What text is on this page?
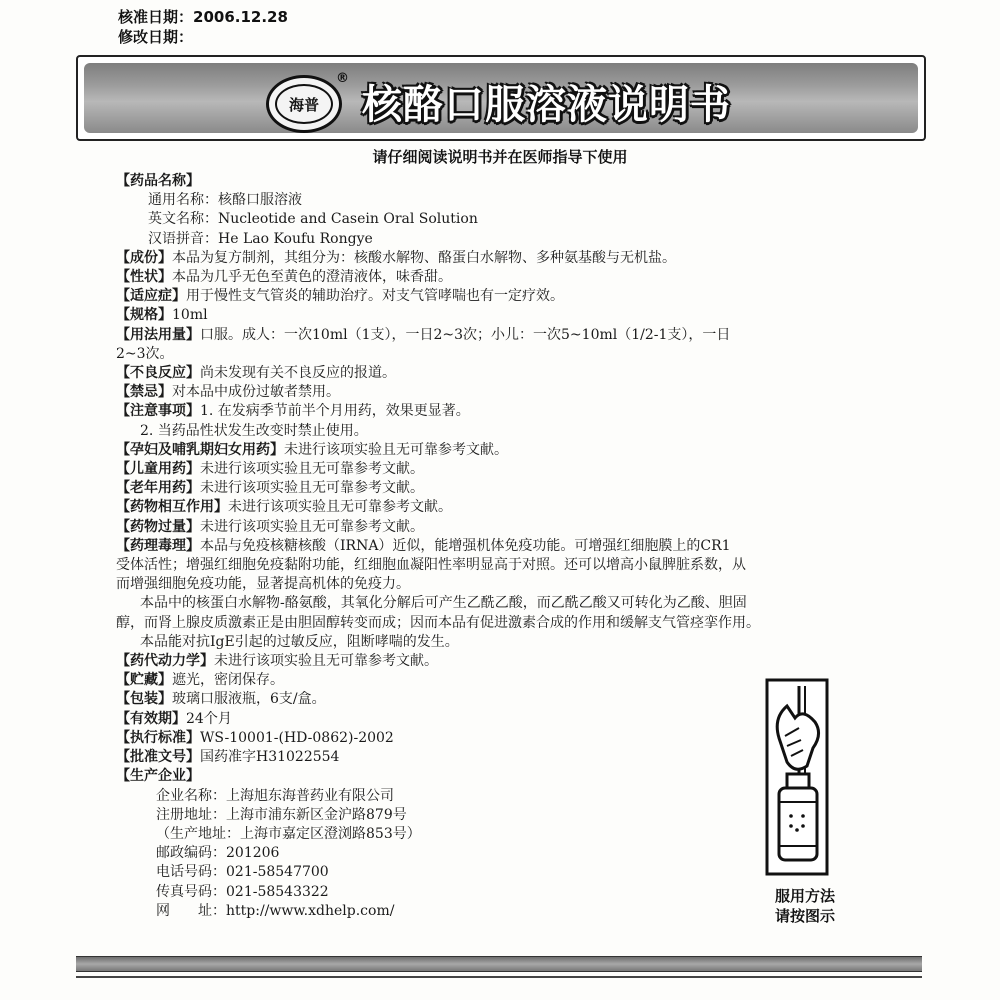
核准日期：2006.12.28
修改日期：
海普
®
核酪口服溶液说明书
请仔细阅读说明书并在医师指导下使用
【药品名称】
通用名称：核酪口服溶液
英文名称：Nucleotide and Casein Oral Solution
汉语拼音：He Lao Koufu Rongye
【成份】本品为复方制剂，其组分为：核酸水解物、酪蛋白水解物、多种氨基酸与无机盐。
【性状】本品为几乎无色至黄色的澄清液体，味香甜。
【适应症】用于慢性支气管炎的辅助治疗。对支气管哮喘也有一定疗效。
【规格】10ml
【用法用量】口服。成人：一次10ml（1支），一日2~3次；小儿：一次5~10ml（1/2-1支），一日
2~3次。
【不良反应】尚未发现有关不良反应的报道。
【禁忌】对本品中成份过敏者禁用。
【注意事项】1. 在发病季节前半个月用药，效果更显著。
2. 当药品性状发生改变时禁止使用。
【孕妇及哺乳期妇女用药】未进行该项实验且无可靠参考文献。
【儿童用药】未进行该项实验且无可靠参考文献。
【老年用药】未进行该项实验且无可靠参考文献。
【药物相互作用】未进行该项实验且无可靠参考文献。
【药物过量】未进行该项实验且无可靠参考文献。
【药理毒理】本品与免疫核糖核酸（IRNA）近似，能增强机体免疫功能。可增强红细胞膜上的CR1
受体活性；增强红细胞免疫黏附功能，红细胞血凝阳性率明显高于对照。还可以增高小鼠脾脏系数，从
而增强细胞免疫功能，显著提高机体的免疫力。
本品中的核蛋白水解物-酪氨酸，其氧化分解后可产生乙酰乙酸，而乙酰乙酸又可转化为乙酸、胆固
醇，而肾上腺皮质激素正是由胆固醇转变而成；因而本品有促进激素合成的作用和缓解支气管痉挛作用。
本品能对抗IgE引起的过敏反应，阻断哮喘的发生。
【药代动力学】未进行该项实验且无可靠参考文献。
【贮藏】遮光，密闭保存。
【包装】玻璃口服液瓶，6支/盒。
【有效期】24个月
【执行标准】WS-10001-(HD-0862)-2002
【批准文号】国药准字H31022554
【生产企业】
企业名称：上海旭东海普药业有限公司
注册地址：上海市浦东新区金沪路879号
（生产地址：上海市嘉定区澄浏路853号）
邮政编码：201206
电话号码：021-58547700
传真号码：021-58543322
网　　址：http://www.xdhelp.com/
服用方法
请按图示
